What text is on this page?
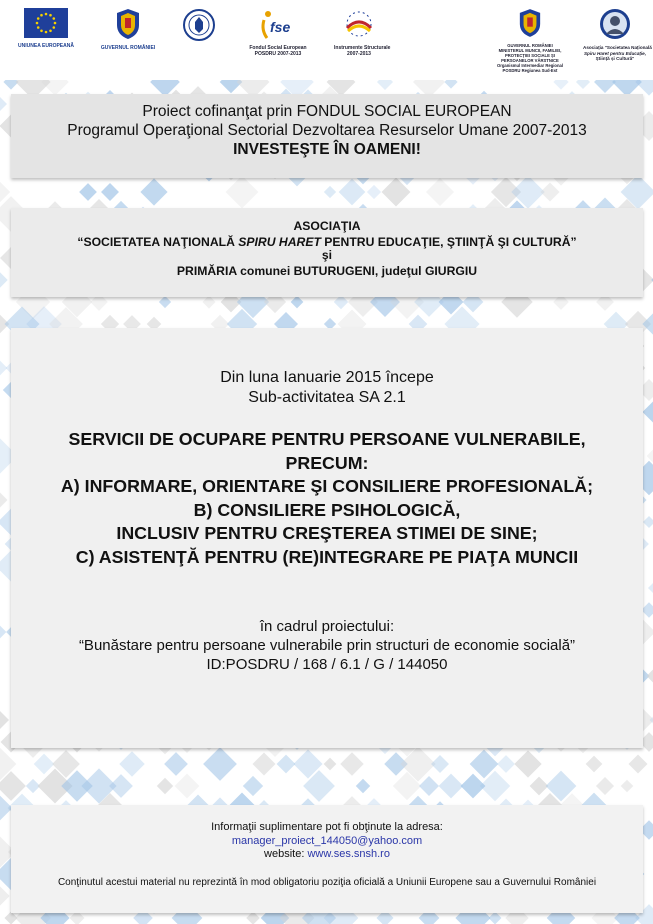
UNIUNEA EUROPEANĂ	GUVERNUL ROMÂNIEI
fse
Fondul Social European
POSDRU 2007-2013
Instrumente Structurale
2007-2013
GUVERNUL ROMÂNIEI
MINISTERUL MUNCII, FAMILIEI,
PROTECȚIEI SOCIALE ȘI
PERSOANELOR VÂRSTNICE
Organismul Intermediar Regional
POSDRU Regiunea Sud-Est
Asociația "Societatea Națională
Spiru Haret pentru Educație,
Știință și Cultură"
Proiect cofinanţat prin FONDUL SOCIAL EUROPEAN
Programul Operaţional Sectorial Dezvoltarea Resurselor Umane 2007-2013
INVESTEŞTE ÎN OAMENI!
ASOCIAŢIA
“SOCIETATEA NAŢIONALĂ SPIRU HARET PENTRU EDUCAŢIE, ŞTIINŢĂ ŞI CULTURĂ”
şi
PRIMĂRIA comunei BUTURUGENI, judeţul GIURGIU
Din luna Ianuarie 2015 începe
Sub-activitatea SA 2.1
SERVICII DE OCUPARE PENTRU PERSOANE VULNERABILE,
PRECUM:
A) INFORMARE, ORIENTARE ŞI CONSILIERE PROFESIONALĂ;
B) CONSILIERE PSIHOLOGICĂ,
INCLUSIV PENTRU CREŞTEREA STIMEI DE SINE;
C) ASISTENŢĂ PENTRU (RE)INTEGRARE PE PIAŢA MUNCII
în cadrul proiectului:
“Bunăstare pentru persoane vulnerabile prin structuri de economie socială”
ID:POSDRU / 168 / 6.1 / G / 144050
Informaţii suplimentare pot fi obţinute la adresa:
manager_proiect_144050@yahoo.com
website: www.ses.snsh.ro
Conţinutul acestui material nu reprezintă în mod obligatoriu poziţia oficială a Uniunii Europene sau a Guvernului României
